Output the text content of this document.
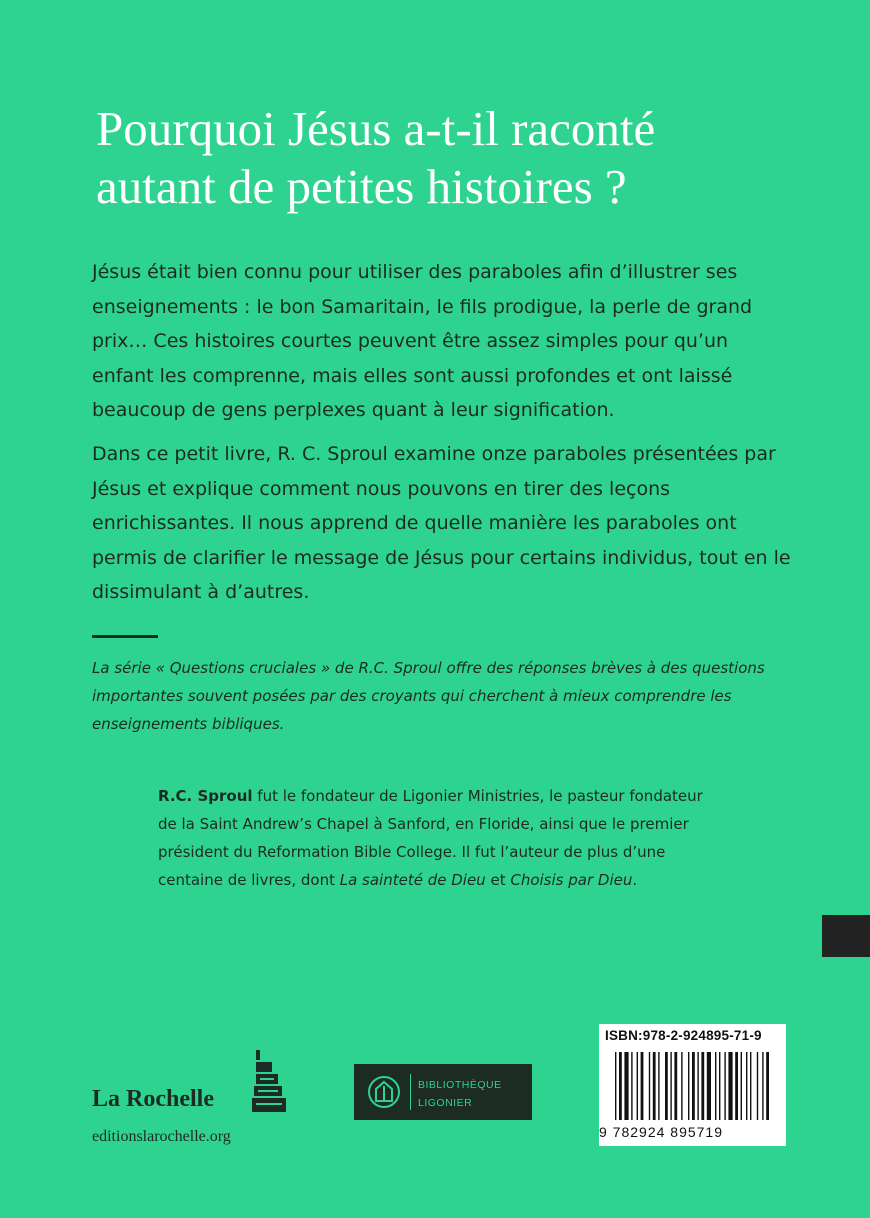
Pourquoi Jésus a-t-il raconté
autant de petites histoires ?

Jésus était bien connu pour utiliser des paraboles afin d’illustrer ses enseignements : le bon Samaritain, le fils prodigue, la perle de grand prix… Ces histoires courtes peuvent être assez simples pour qu’un enfant les comprenne, mais elles sont aussi profondes et ont laissé beaucoup de gens perplexes quant à leur signification.

Dans ce petit livre, R. C. Sproul examine onze paraboles présentées par Jésus et explique comment nous pouvons en tirer des leçons enrichissantes. Il nous apprend de quelle manière les paraboles ont permis de clarifier le message de Jésus pour certains individus, tout en le dissimulant à d’autres.

La série « Questions cruciales » de R.C. Sproul offre des réponses brèves à des questions importantes souvent posées par des croyants qui cherchent à mieux comprendre les enseignements bibliques.

R.C. Sproul fut le fondateur de Ligonier Ministries, le pasteur fondateur de la Saint Andrew’s Chapel à Sanford, en Floride, ainsi que le premier président du Reformation Bible College. Il fut l’auteur de plus d’une centaine de livres, dont La sainteté de Dieu et Choisis par Dieu.

La Rochelle
editionslarochelle.org
BIBLIOTHÈQUE
LIGONIER
ISBN:978-2-924895-71-9
9 782924 895719
